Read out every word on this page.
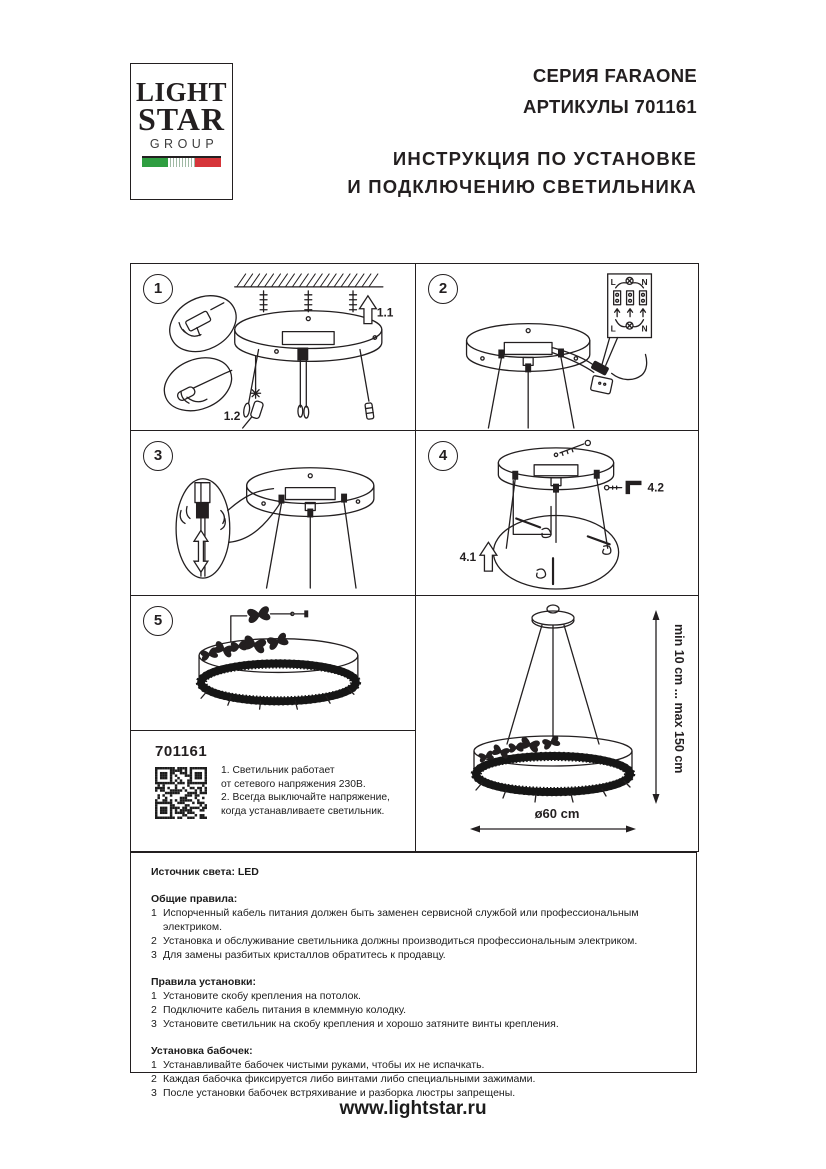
LIGHT
STAR
GROUP
СЕРИЯ FARAONE
АРТИКУЛЫ 701161
ИНСТРУКЦИЯ ПО УСТАНОВКЕ
И ПОДКЛЮЧЕНИЮ СВЕТИЛЬНИКА
1
1.1
1.2
2	L	N
L	N
3	4
4.1
4.2
5
701161
1. Светильник работает
от сетевого напряжения 230В.
2. Всегда выключайте напряжение,
когда устанавливаете светильник.
min 10 cm ... max 150 cm
ø60 cm
Источник света: LED
Общие правила:
1 Испорченный кабель питания должен быть заменен сервисной службой или профессиональным электриком.
2 Установка и обслуживание светильника должны производиться профессиональным электриком.
3 Для замены разбитых кристаллов обратитесь к продавцу.
Правила установки:
1 Установите скобу крепления на потолок.
2 Подключите кабель питания в клеммную колодку.
3 Установите светильник на скобу крепления и хорошо затяните винты крепления.
Установка бабочек:
1 Устанавливайте бабочек чистыми руками, чтобы их не испачкать.
2 Каждая бабочка фиксируется либо винтами либо специальными зажимами.
3 После установки бабочек встряхивание и разборка люстры запрещены.
www.lightstar.ru
